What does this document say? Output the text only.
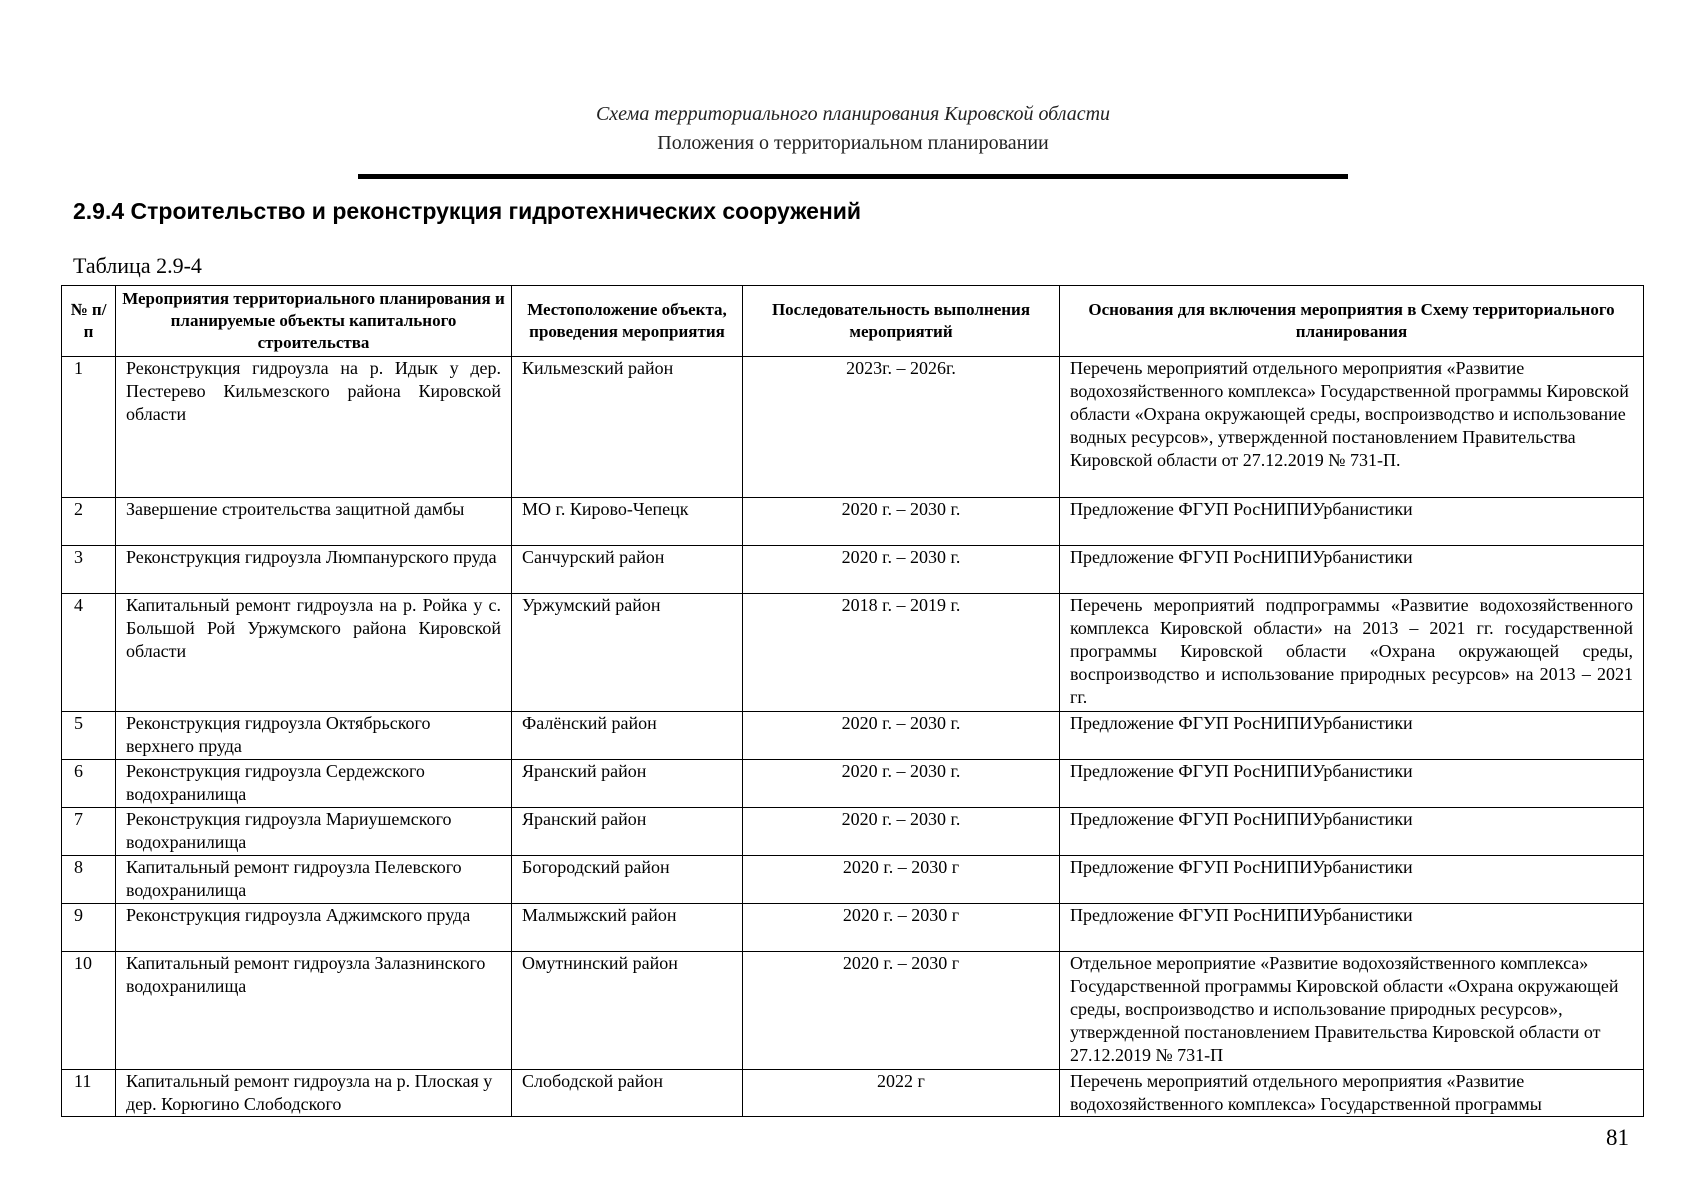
Схема территориального планирования Кировской области
Положения о территориальном планировании
2.9.4 Строительство и реконструкция гидротехнических сооружений
Таблица 2.9-4
№ п/п	Мероприятия территориального планирования и планируемые объекты капитального строительства	Местоположение объекта, проведения мероприятия	Последовательность выполнения мероприятий	Основания для включения мероприятия в Схему территориального планирования
1	Реконструкция гидроузла на р. Идык у дер. Пестерево Кильмезского района Кировской области	Кильмезский район	2023г. – 2026г.	Перечень мероприятий отдельного мероприятия «Развитие водохозяйственного комплекса» Государственной программы Кировской области «Охрана окружающей среды, воспроизводство и использование водных ресурсов», утвержденной постановлением Правительства Кировской области от 27.12.2019 № 731-П.
2	Завершение строительства защитной дамбы	МО г. Кирово-Чепецк	2020 г. – 2030 г.	Предложение ФГУП РосНИПИУрбанистики
3	Реконструкция гидроузла Люмпанурского пруда	Санчурский район	2020 г. – 2030 г.	Предложение ФГУП РосНИПИУрбанистики
4	Капитальный ремонт гидроузла на р. Ройка у с. Большой Рой Уржумского района Кировской области	Уржумский район	2018 г. – 2019 г.	Перечень мероприятий подпрограммы «Развитие водохозяйственного комплекса Кировской области» на 2013 – 2021 гг. государственной программы Кировской области «Охрана окружающей среды, воспроизводство и использование природных ресурсов» на 2013 – 2021 гг.
5	Реконструкция гидроузла Октябрьского верхнего пруда	Фалёнский район	2020 г. – 2030 г.	Предложение ФГУП РосНИПИУрбанистики
6	Реконструкция гидроузла Сердежского водохранилища	Яранский район	2020 г. – 2030 г.	Предложение ФГУП РосНИПИУрбанистики
7	Реконструкция гидроузла Мариушемского водохранилища	Яранский район	2020 г. – 2030 г.	Предложение ФГУП РосНИПИУрбанистики
8	Капитальный ремонт гидроузла Пелевского водохранилища	Богородский район	2020 г. – 2030 г	Предложение ФГУП РосНИПИУрбанистики
9	Реконструкция гидроузла Аджимского пруда	Малмыжский район	2020 г. – 2030 г	Предложение ФГУП РосНИПИУрбанистики
10	Капитальный ремонт гидроузла Залазнинского водохранилища	Омутнинский район	2020 г. – 2030 г	Отдельное мероприятие «Развитие водохозяйственного комплекса» Государственной программы Кировской области «Охрана окружающей среды, воспроизводство и использование природных ресурсов», утвержденной постановлением Правительства Кировской области от 27.12.2019 № 731-П
11	Капитальный ремонт гидроузла на р. Плоская у дер. Корюгино Слободского	Слободской район	2022 г	Перечень мероприятий отдельного мероприятия «Развитие водохозяйственного комплекса» Государственной программы
81
